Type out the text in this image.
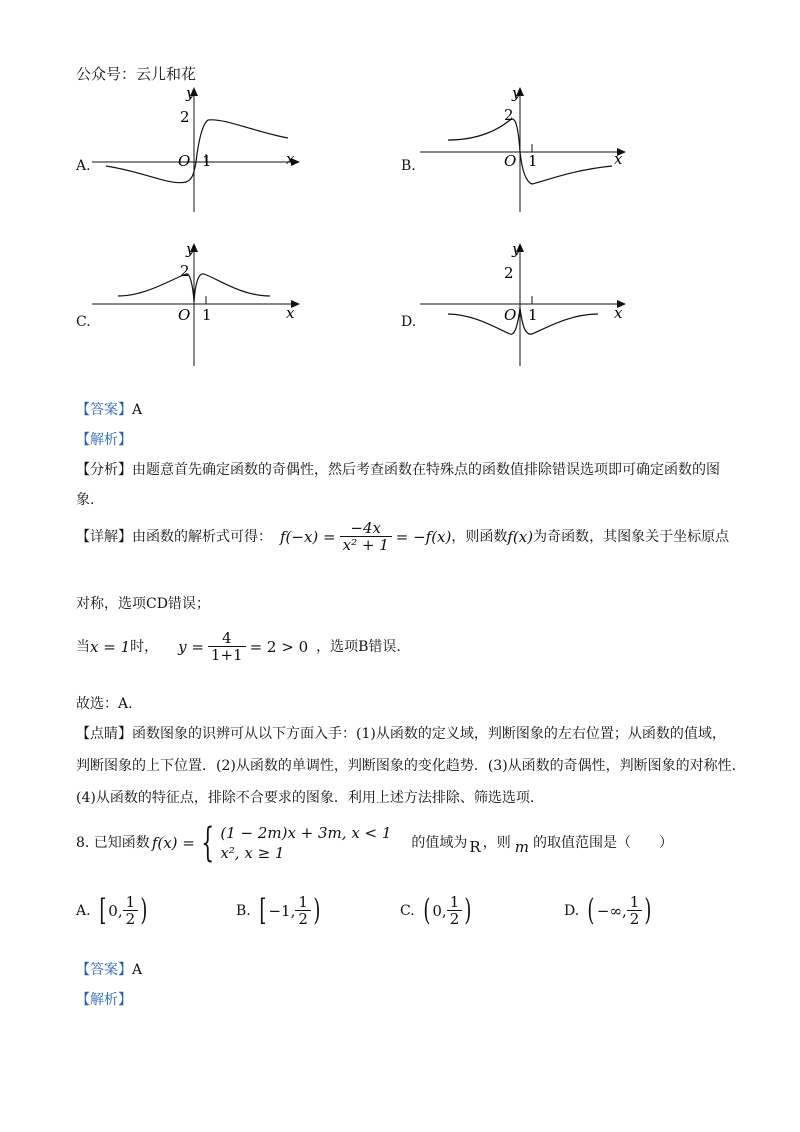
公众号：云儿和花
A.
y
2
O 1	x	B.
y
2
O 1	x
C.
y
2
O 1	x	D.
y
2
O 1	x
【答案】A
【解析】
【分析】由题意首先确定函数的奇偶性，然后考查函数在特殊点的函数值排除错误选项即可确定函数的图
象.
【详解】 由函数的解析式可得： $f(-x) = \frac{-4x}{\text{x² + 1}} = -f(x)$ ，则函数 f(x) 为奇函数，其图象关于坐标原点
对称，选项CD错误；
当 x = 1 时， $y = \frac{4}{1+1} = 2 > 0$ ，选项B错误.
故选：A.
【点睛】函数图象的识辨可从以下方面入手：(1)从函数的定义域，判断图象的左右位置；从函数的值域，
判断图象的上下位置．(2)从函数的单调性，判断图象的变化趋势．(3)从函数的奇偶性，判断图象的对称性．
(4)从函数的特征点，排除不合要求的图象．利用上述方法排除、筛选选项.
8. 已知函数 f(x) = { (1 − 2m)x + 3m, x < 1
x², x ≥ 1
的值域为 R ，则 m 的取值范围是（　　）
A. [ 0, $\frac{1}{2}$ )	B. [ −1, $\frac{1}{2}$ )	C. ( 0, $\frac{1}{2}$ )	D. ( −∞, $\frac{1}{2}$ )
【答案】A
【解析】
